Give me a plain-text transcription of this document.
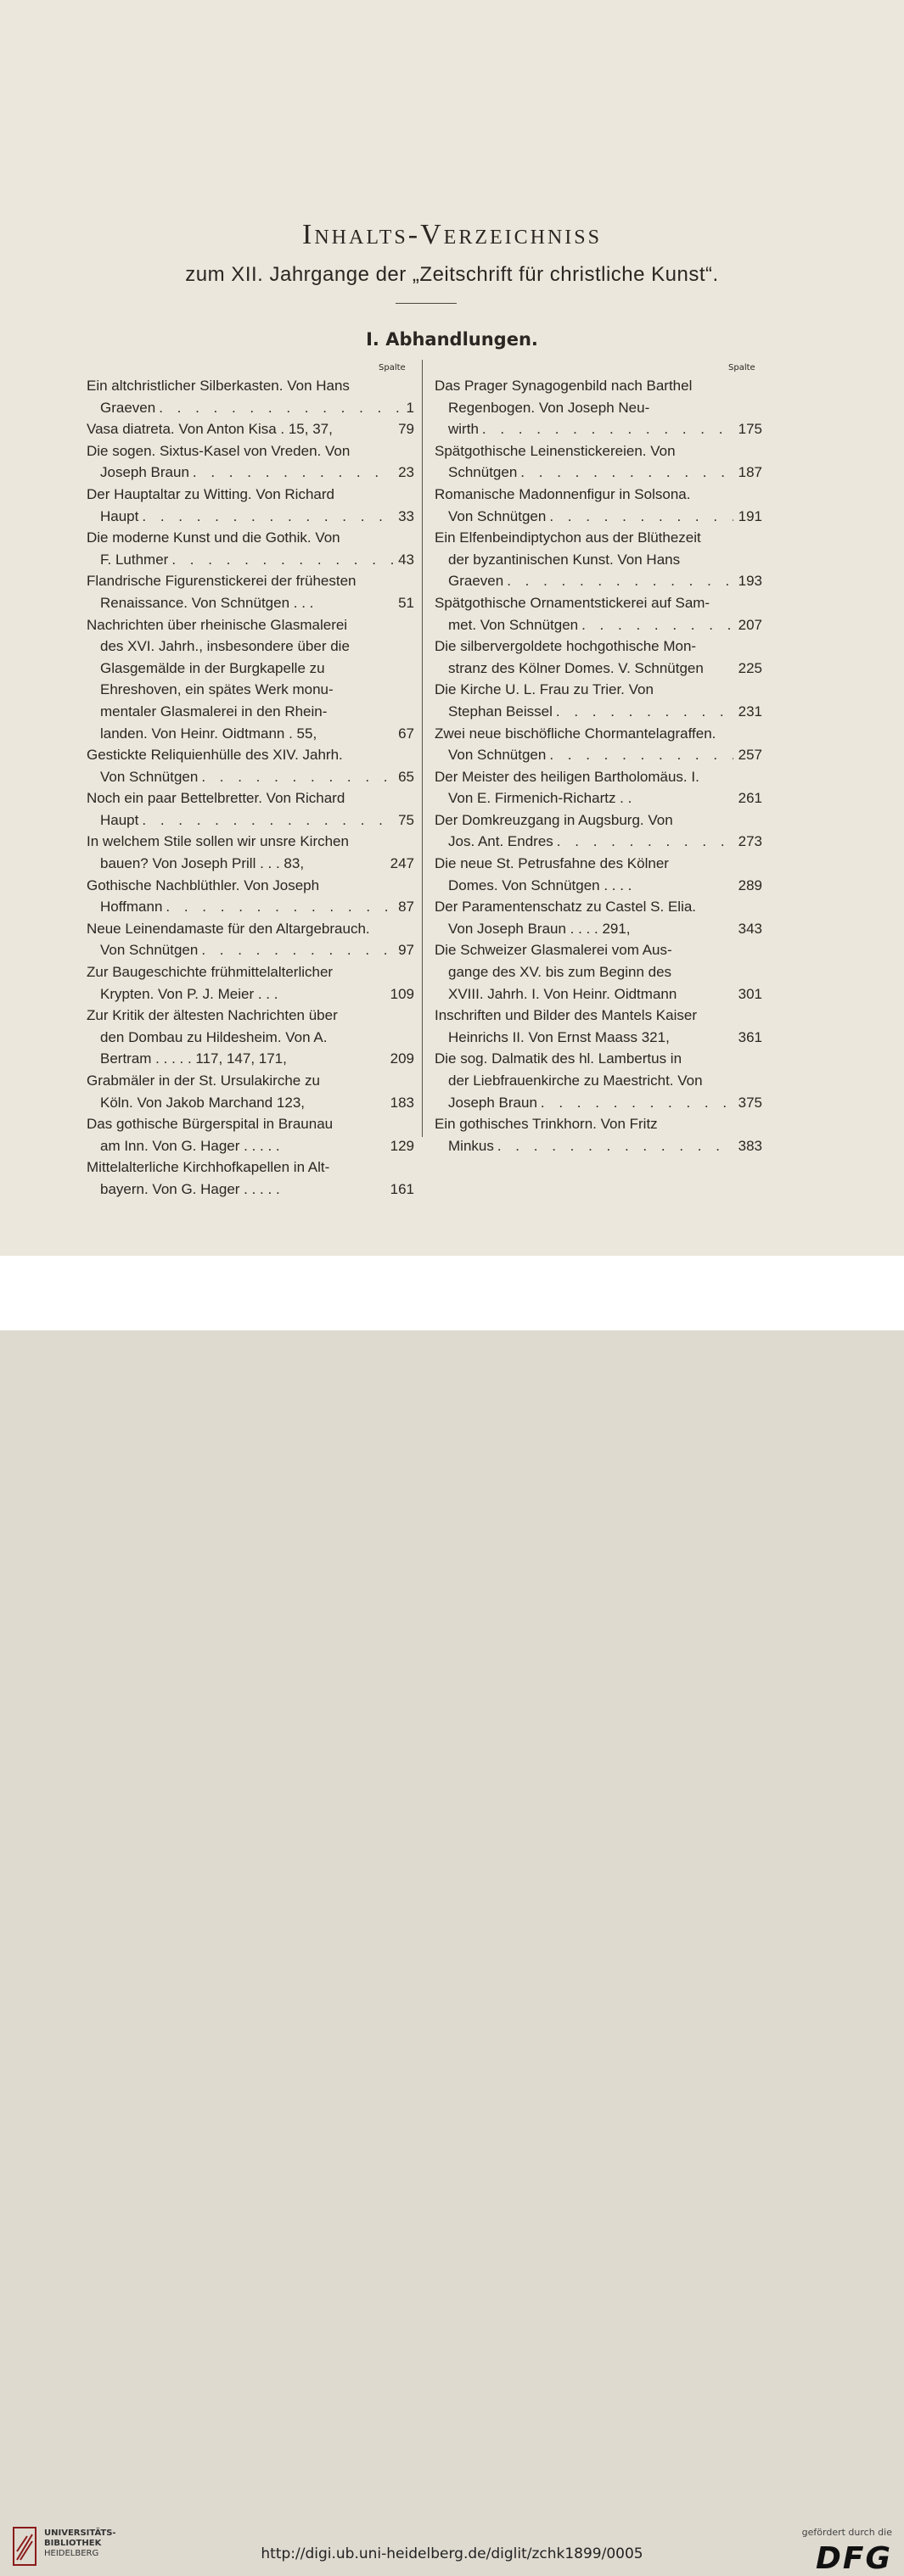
Inhalts-Verzeichniss
zum XII. Jahrgange der „Zeitschrift für christliche Kunst“.
I. Abhandlungen.
Spalte	Spalte
Ein altchristlicher Silberkasten. Von Hans
Graeven . . .	1
Vasa diatreta. Von Anton Kisa . 15, 37,	79
Die sogen. Sixtus-Kasel von Vreden. Von
Joseph Braun . . .	23
Der Hauptaltar zu Witting. Von Richard
Haupt . . .	33
Die moderne Kunst und die Gothik. Von
F. Luthmer . . .	43
Flandrische Figurenstickerei der frühesten
Renaissance. Von Schnütgen . . .	51
Nachrichten über rheinische Glasmalerei
des XVI. Jahrh., insbesondere über die
Glasgemälde in der Burgkapelle zu
Ehreshoven, ein spätes Werk monu-
mentaler Glasmalerei in den Rhein-
landen. Von Heinr. Oidtmann . 55,	67
Gestickte Reliquienhülle des XIV. Jahrh.
Von Schnütgen . . .	65
Noch ein paar Bettelbretter. Von Richard
Haupt . . .	75
In welchem Stile sollen wir unsre Kirchen
bauen? Von Joseph Prill . . . 83,	247
Gothische Nachblüthler. Von Joseph
Hoffmann . . .	87
Neue Leinendamaste für den Altargebrauch.
Von Schnütgen . . .	97
Zur Baugeschichte frühmittelalterlicher
Krypten. Von P. J. Meier . . .	109
Zur Kritik der ältesten Nachrichten über
den Dombau zu Hildesheim. Von A.
Bertram . . . . . 117, 147, 171,	209
Grabmäler in der St. Ursulakirche zu
Köln. Von Jakob Marchand 123,	183
Das gothische Bürgerspital in Braunau
am Inn. Von G. Hager . . . . .	129
Mittelalterliche Kirchhofkapellen in Alt-
bayern. Von G. Hager . . . . .	161
Das Prager Synagogenbild nach Barthel
Regenbogen. Von Joseph Neu-
wirth . . .	175
Spätgothische Leinenstickereien. Von
Schnütgen . . .	187
Romanische Madonnenfigur in Solsona.
Von Schnütgen . . .	191
Ein Elfenbeindiptychon aus der Blüthezeit
der byzantinischen Kunst. Von Hans
Graeven . . .	193
Spätgothische Ornamentstickerei auf Sam-
met. Von Schnütgen . . .	207
Die silbervergoldete hochgothische Mon-
stranz des Kölner Domes. V. Schnütgen 225
Die Kirche U. L. Frau zu Trier. Von
Stephan Beissel . . .	231
Zwei neue bischöfliche Chormantelagraffen.
Von Schnütgen . . .	257
Der Meister des heiligen Bartholomäus. I.
Von E. Firmenich-Richartz . .	261
Der Domkreuzgang in Augsburg. Von
Jos. Ant. Endres . . .	273
Die neue St. Petrusfahne des Kölner
Domes. Von Schnütgen . . . .	289
Der Paramentenschatz zu Castel S. Elia.
Von Joseph Braun . . . . 291,	343
Die Schweizer Glasmalerei vom Aus-
gange des XV. bis zum Beginn des
XVIII. Jahrh. I. Von Heinr. Oidtmann	301
Inschriften und Bilder des Mantels Kaiser
Heinrichs II. Von Ernst Maass 321,	361
Die sog. Dalmatik des hl. Lambertus in
der Liebfrauenkirche zu Maestricht. Von
Joseph Braun . . .	375
Ein gothisches Trinkhorn. Von Fritz
Minkus . . .	383
UNIVERSITÄTS-
BIBLIOTHEK
HEIDELBERG	http://digi.ub.uni-heidelberg.de/diglit/zchk1899/0005
gefördert durch die
DFG
